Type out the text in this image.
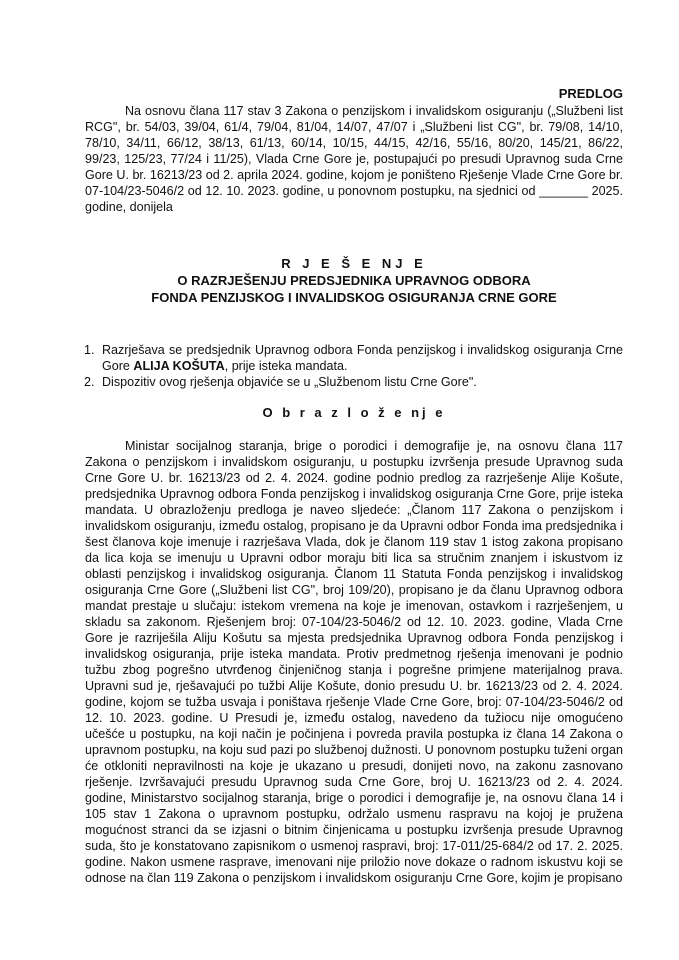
PREDLOG

Na osnovu člana 117 stav 3 Zakona o penzijskom i invalidskom osiguranju („Službeni list RCG", br. 54/03, 39/04, 61/4, 79/04, 81/04, 14/07, 47/07 i „Službeni list CG", br. 79/08, 14/10, 78/10, 34/11, 66/12, 38/13, 61/13, 60/14, 10/15, 44/15, 42/16, 55/16, 80/20, 145/21, 86/22, 99/23, 125/23, 77/24 i 11/25), Vlada Crne Gore je, postupajući po presudi Upravnog suda Crne Gore U. br. 16213/23 od 2. aprila 2024. godine, kojom je poništeno Rješenje Vlade Crne Gore br. 07-104/23-5046/2 od 12. 10. 2023. godine, u ponovnom postupku, na sjednici od _______ 2025. godine, donijela

R J E Š E NJ E
O RAZRJEŠENJU PREDSJEDNIKA UPRAVNOG ODBORA
FONDA PENZIJSKOG I INVALIDSKOG OSIGURANJA CRNE GORE
1. Razrješava se predsjednik Upravnog odbora Fonda penzijskog i invalidskog osiguranja Crne Gore ALIJA KOŠUTA, prije isteka mandata.
2. Dispozitiv ovog rješenja objaviće se u „Službenom listu Crne Gore".
O b r a z l o ž e nj e

Ministar socijalnog staranja, brige o porodici i demografije je, na osnovu člana 117 Zakona o penzijskom i invalidskom osiguranju, u postupku izvršenja presude Upravnog suda Crne Gore U. br. 16213/23 od 2. 4. 2024. godine podnio predlog za razrješenje Alije Košute, predsjednika Upravnog odbora Fonda penzijskog i invalidskog osiguranja Crne Gore, prije isteka mandata. U obrazloženju predloga je naveo sljedeće: „Članom 117 Zakona o penzijskom i invalidskom osiguranju, između ostalog, propisano je da Upravni odbor Fonda ima predsjednika i šest članova koje imenuje i razrješava Vlada, dok je članom 119 stav 1 istog zakona propisano da lica koja se imenuju u Upravni odbor moraju biti lica sa stručnim znanjem i iskustvom iz oblasti penzijskog i invalidskog osiguranja. Članom 11 Statuta Fonda penzijskog i invalidskog osiguranja Crne Gore („Službeni list CG", broj 109/20), propisano je da članu Upravnog odbora mandat prestaje u slučaju: istekom vremena na koje je imenovan, ostavkom i razrješenjem, u skladu sa zakonom. Rješenjem broj: 07-104/23-5046/2 od 12. 10. 2023. godine, Vlada Crne Gore je razriješila Aliju Košutu sa mjesta predsjednika Upravnog odbora Fonda penzijskog i invalidskog osiguranja, prije isteka mandata. Protiv predmetnog rješenja imenovani je podnio tužbu zbog pogrešno utvrđenog činjeničnog stanja i pogrešne primjene materijalnog prava. Upravni sud je, rješavajući po tužbi Alije Košute, donio presudu U. br. 16213/23 od 2. 4. 2024. godine, kojom se tužba usvaja i poništava rješenje Vlade Crne Gore, broj: 07-104/23-5046/2 od 12. 10. 2023. godine. U Presudi je, između ostalog, navedeno da tužiocu nije omogućeno učešće u postupku, na koji način je počinjena i povreda pravila postupka iz člana 14 Zakona o upravnom postupku, na koju sud pazi po službenoj dužnosti. U ponovnom postupku tuženi organ će otkloniti nepravilnosti na koje je ukazano u presudi, donijeti novo, na zakonu zasnovano rješenje. Izvršavajući presudu Upravnog suda Crne Gore, broj U. 16213/23 od 2. 4. 2024. godine, Ministarstvo socijalnog staranja, brige o porodici i demografije je, na osnovu člana 14 i 105 stav 1 Zakona o upravnom postupku, održalo usmenu raspravu na kojoj je pružena mogućnost stranci da se izjasni o bitnim činjenicama u postupku izvršenja presude Upravnog suda, što je konstatovano zapisnikom o usmenoj raspravi, broj: 17-011/25-684/2 od 17. 2. 2025. godine. Nakon usmene rasprave, imenovani nije priložio nove dokaze o radnom iskustvu koji se odnose na član 119 Zakona o penzijskom i invalidskom osiguranju Crne Gore, kojim je propisano
